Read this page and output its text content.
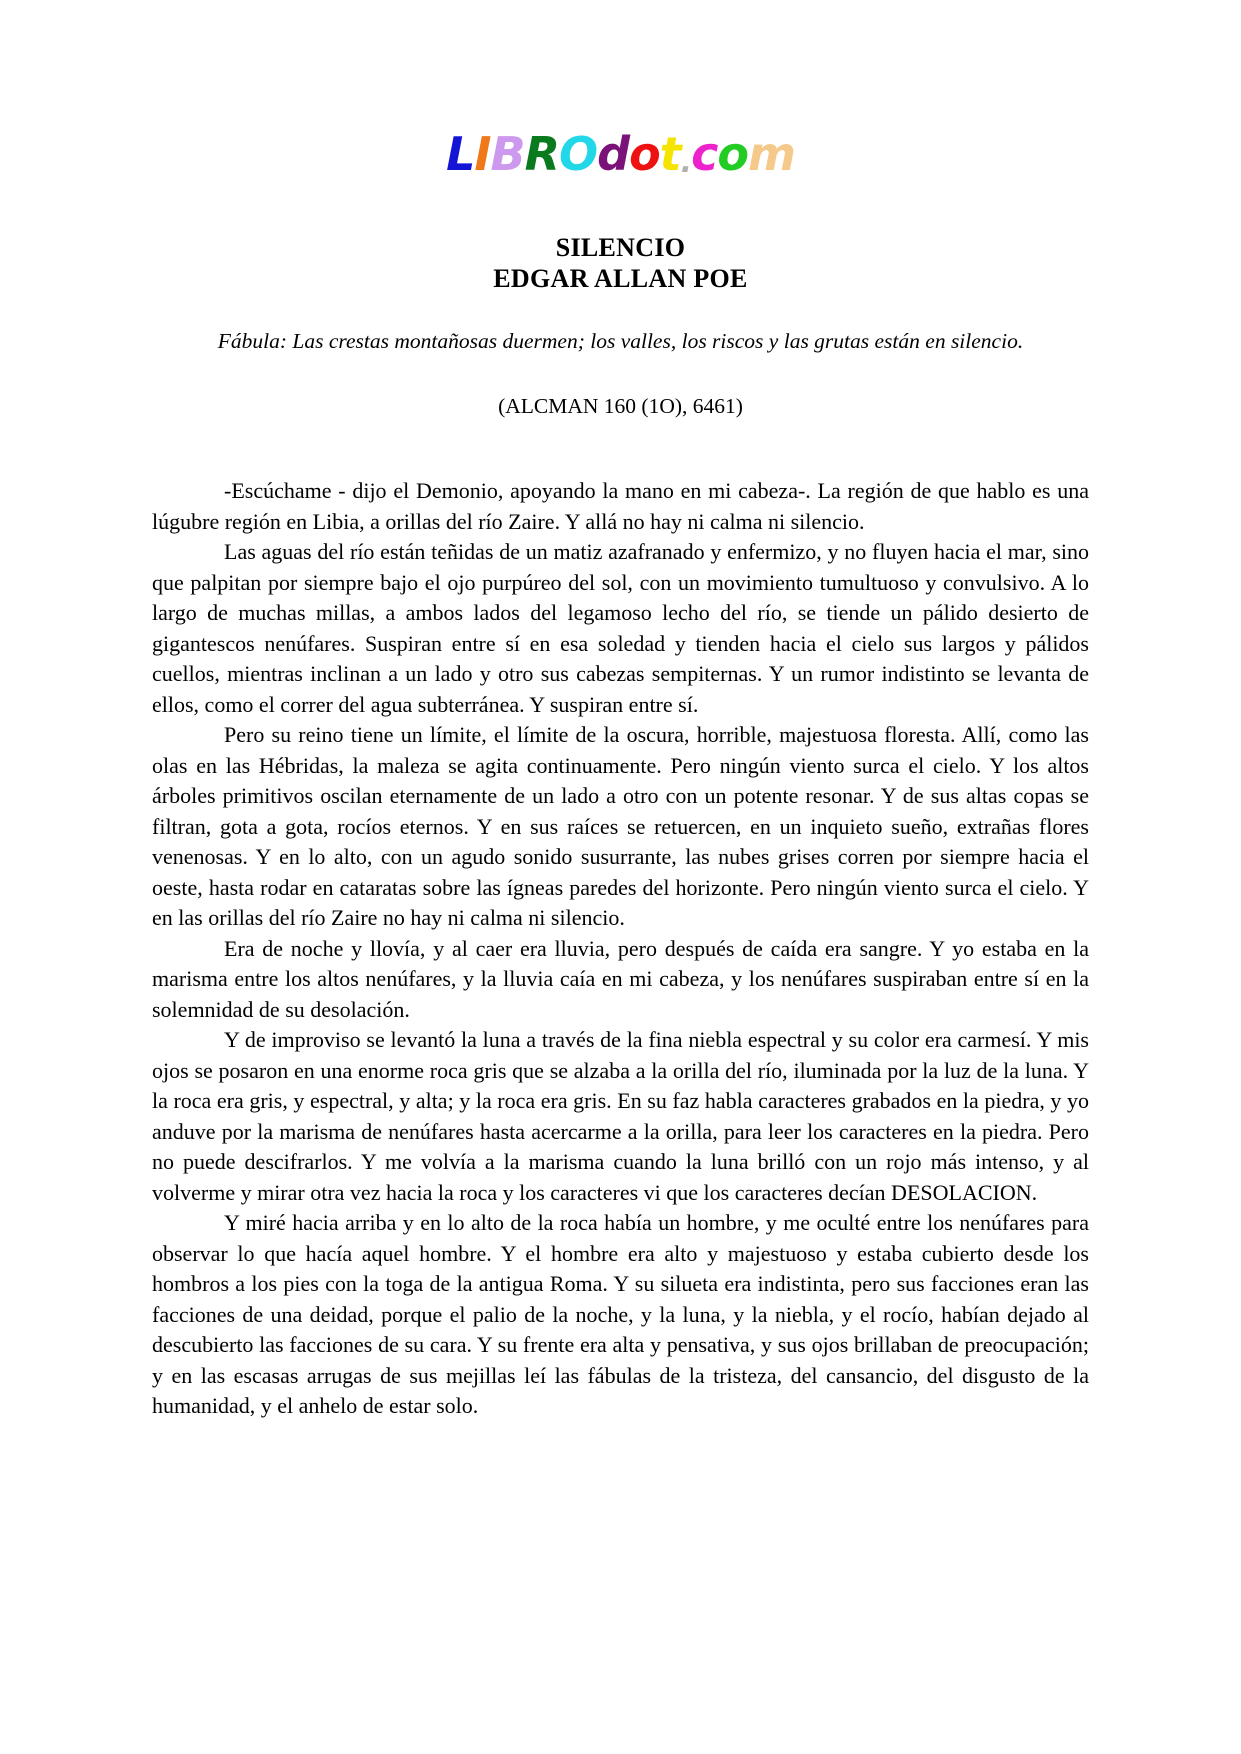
LIBROdot.com
SILENCIO
EDGAR ALLAN POE
Fábula: Las crestas montañosas duermen; los valles, los riscos y las grutas están en silencio.
(ALCMAN 160 (1O), 6461)

-Escúchame - dijo el Demonio, apoyando la mano en mi cabeza-. La región de que hablo es una lúgubre región en Libia, a orillas del río Zaire. Y allá no hay ni calma ni silencio.

Las aguas del río están teñidas de un matiz azafranado y enfermizo, y no fluyen hacia el mar, sino que palpitan por siempre bajo el ojo purpúreo del sol, con un movimiento tumultuoso y convulsivo. A lo largo de muchas millas, a ambos lados del legamoso lecho del río, se tiende un pálido desierto de gigantescos nenúfares. Suspiran entre sí en esa soledad y tienden hacia el cielo sus largos y pálidos cuellos, mientras inclinan a un lado y otro sus cabezas sempiternas. Y un rumor indistinto se levanta de ellos, como el correr del agua subterránea. Y suspiran entre sí.

Pero su reino tiene un límite, el límite de la oscura, horrible, majestuosa floresta. Allí, como las olas en las Hébridas, la maleza se agita continuamente. Pero ningún viento surca el cielo. Y los altos árboles primitivos oscilan eternamente de un lado a otro con un potente resonar. Y de sus altas copas se filtran, gota a gota, rocíos eternos. Y en sus raíces se retuercen, en un inquieto sueño, extrañas flores venenosas. Y en lo alto, con un agudo sonido susurrante, las nubes grises corren por siempre hacia el oeste, hasta rodar en cataratas sobre las ígneas paredes del horizonte. Pero ningún viento surca el cielo. Y en las orillas del río Zaire no hay ni calma ni silencio.

Era de noche y llovía, y al caer era lluvia, pero después de caída era sangre. Y yo estaba en la marisma entre los altos nenúfares, y la lluvia caía en mi cabeza, y los nenúfares suspiraban entre sí en la solemnidad de su desolación.

Y de improviso se levantó la luna a través de la fina niebla espectral y su color era carmesí. Y mis ojos se posaron en una enorme roca gris que se alzaba a la orilla del río, iluminada por la luz de la luna. Y la roca era gris, y espectral, y alta; y la roca era gris. En su faz habla caracteres grabados en la piedra, y yo anduve por la marisma de nenúfares hasta acercarme a la orilla, para leer los caracteres en la piedra. Pero no puede descifrarlos. Y me volvía a la marisma cuando la luna brilló con un rojo más intenso, y al volverme y mirar otra vez hacia la roca y los caracteres vi que los caracteres decían DESOLACION.

Y miré hacia arriba y en lo alto de la roca había un hombre, y me oculté entre los nenúfares para observar lo que hacía aquel hombre. Y el hombre era alto y majestuoso y estaba cubierto desde los hombros a los pies con la toga de la antigua Roma. Y su silueta era indistinta, pero sus facciones eran las facciones de una deidad, porque el palio de la noche, y la luna, y la niebla, y el rocío, habían dejado al descubierto las facciones de su cara. Y su frente era alta y pensativa, y sus ojos brillaban de preocupación; y en las escasas arrugas de sus mejillas leí las fábulas de la tristeza, del cansancio, del disgusto de la humanidad, y el anhelo de estar solo.
